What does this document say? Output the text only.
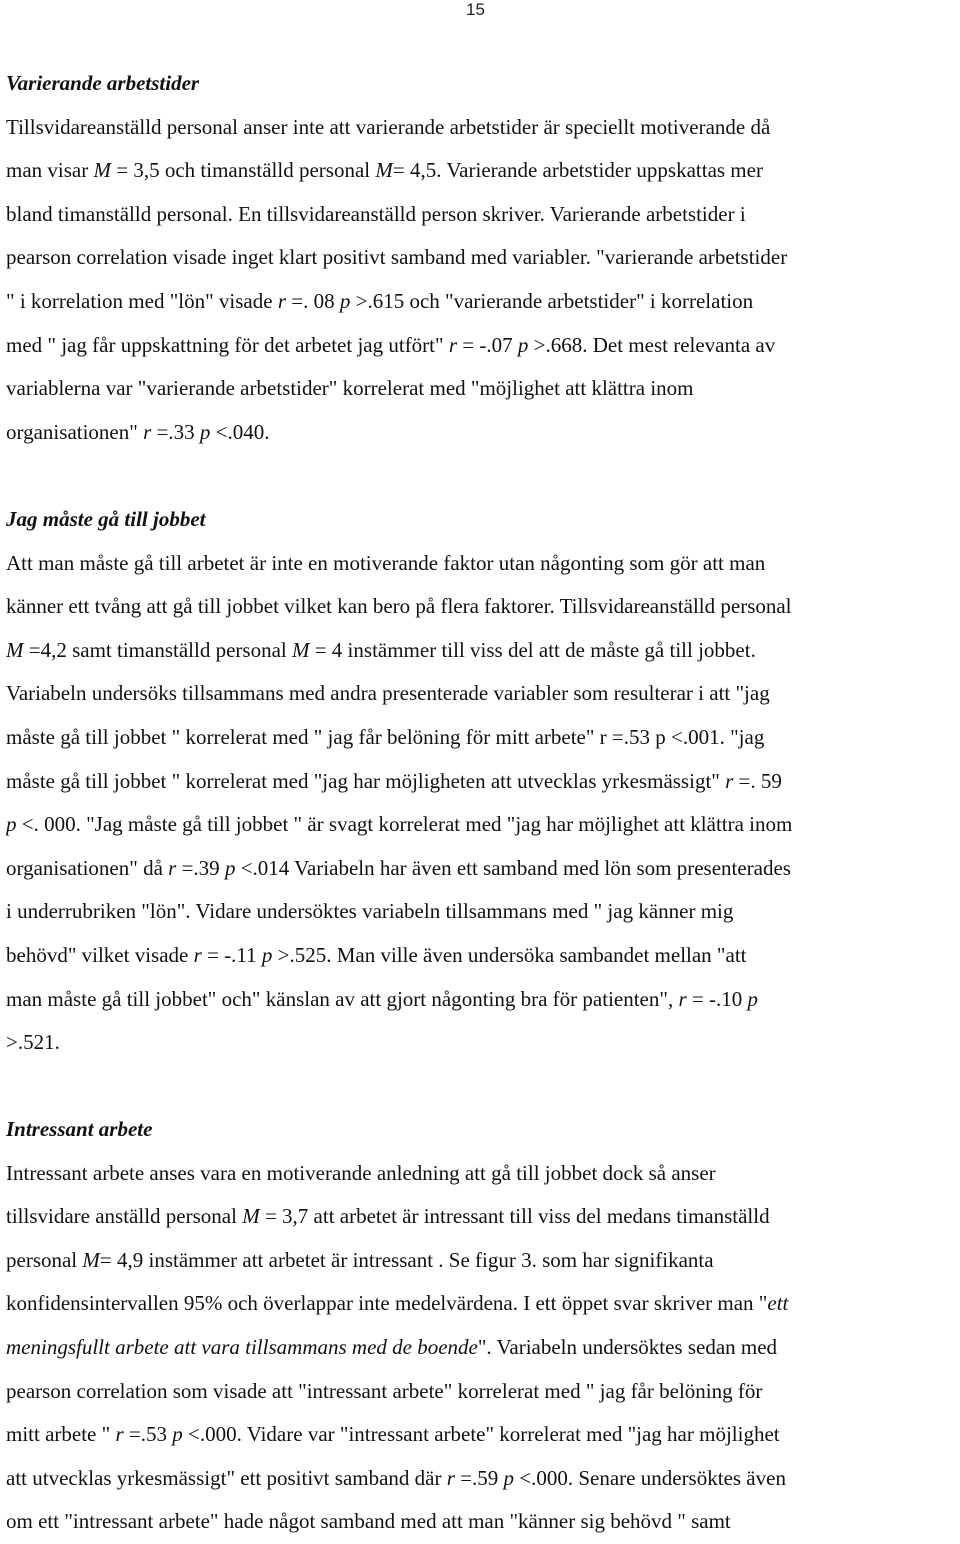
15
Varierande arbetstider
Tillsvidareanställd personal anser inte att varierande arbetstider är speciellt motiverande då
man visar M = 3,5 och timanställd personal M= 4,5. Varierande arbetstider uppskattas mer
bland timanställd personal. En tillsvidareanställd person skriver. Varierande arbetstider i
pearson correlation visade inget klart positivt samband med variabler. "varierande arbetstider
" i korrelation med "lön" visade r =. 08 p >.615 och "varierande arbetstider" i korrelation
med " jag får uppskattning för det arbetet jag utfört" r = -.07 p >.668. Det mest relevanta av
variablerna var "varierande arbetstider" korrelerat med "möjlighet att klättra inom
organisationen" r =.33 p <.040.
Jag måste gå till jobbet
Att man måste gå till arbetet är inte en motiverande faktor utan någonting som gör att man
känner ett tvång att gå till jobbet vilket kan bero på flera faktorer. Tillsvidareanställd personal
M =4,2 samt timanställd personal M = 4 instämmer till viss del att de måste gå till jobbet.
Variabeln undersöks tillsammans med andra presenterade variabler som resulterar i att "jag
måste gå till jobbet " korrelerat med " jag får belöning för mitt arbete" r =.53 p <.001. "jag
måste gå till jobbet " korrelerat med "jag har möjligheten att utvecklas yrkesmässigt" r =. 59
p <. 000. "Jag måste gå till jobbet " är svagt korrelerat med "jag har möjlighet att klättra inom
organisationen" då r =.39 p <.014 Variabeln har även ett samband med lön som presenterades
i underrubriken "lön". Vidare undersöktes variabeln tillsammans med " jag känner mig
behövd" vilket visade r = -.11 p >.525. Man ville även undersöka sambandet mellan "att
man måste gå till jobbet" och" känslan av att gjort någonting bra för patienten", r = -.10 p
>.521.
Intressant arbete
Intressant arbete anses vara en motiverande anledning att gå till jobbet dock så anser
tillsvidare anställd personal M = 3,7 att arbetet är intressant till viss del medans timanställd
personal M= 4,9 instämmer att arbetet är intressant . Se figur 3. som har signifikanta
konfidensintervallen 95% och överlappar inte medelvärdena. I ett öppet svar skriver man "ett
meningsfullt arbete att vara tillsammans med de boende". Variabeln undersöktes sedan med
pearson correlation som visade att "intressant arbete" korrelerat med " jag får belöning för
mitt arbete " r =.53 p <.000. Vidare var "intressant arbete" korrelerat med "jag har möjlighet
att utvecklas yrkesmässigt" ett positivt samband där r =.59 p <.000. Senare undersöktes även
om ett "intressant arbete" hade något samband med att man "känner sig behövd " samt
